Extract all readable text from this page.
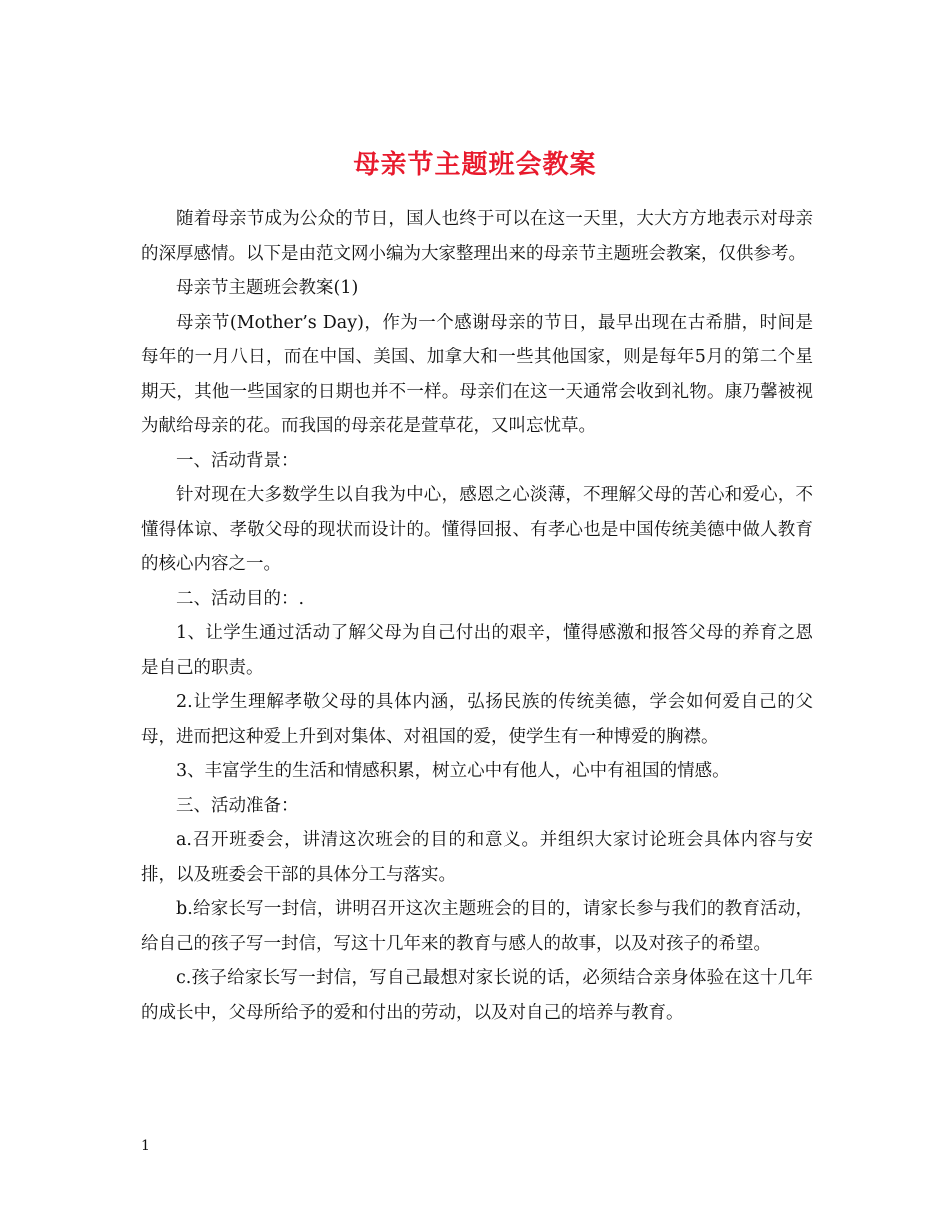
母亲节主题班会教案

随着母亲节成为公众的节日，国人也终于可以在这一天里，大大方方地表示对母亲的深厚感情。以下是由范文网小编为大家整理出来的母亲节主题班会教案，仅供参考。

母亲节主题班会教案(1)

母亲节(Mother’s Day)，作为一个感谢母亲的节日，最早出现在古希腊，时间是每年的一月八日，而在中国、美国、加拿大和一些其他国家，则是每年5月的第二个星期天，其他一些国家的日期也并不一样。母亲们在这一天通常会收到礼物。康乃馨被视为献给母亲的花。而我国的母亲花是萱草花，又叫忘忧草。

一、活动背景：

针对现在大多数学生以自我为中心，感恩之心淡薄，不理解父母的苦心和爱心，不懂得体谅、孝敬父母的现状而设计的。懂得回报、有孝心也是中国传统美德中做人教育的核心内容之一。

二、活动目的：.

1、让学生通过活动了解父母为自己付出的艰辛，懂得感激和报答父母的养育之恩是自己的职责。

2.让学生理解孝敬父母的具体内涵，弘扬民族的传统美德，学会如何爱自己的父母，进而把这种爱上升到对集体、对祖国的爱，使学生有一种博爱的胸襟。

3、丰富学生的生活和情感积累，树立心中有他人，心中有祖国的情感。

三、活动准备：

a.召开班委会，讲清这次班会的目的和意义。并组织大家讨论班会具体内容与安排，以及班委会干部的具体分工与落实。

b.给家长写一封信，讲明召开这次主题班会的目的，请家长参与我们的教育活动，给自己的孩子写一封信，写这十几年来的教育与感人的故事，以及对孩子的希望。

c.孩子给家长写一封信，写自己最想对家长说的话，必须结合亲身体验在这十几年的成长中，父母所给予的爱和付出的劳动，以及对自己的培养与教育。

1
